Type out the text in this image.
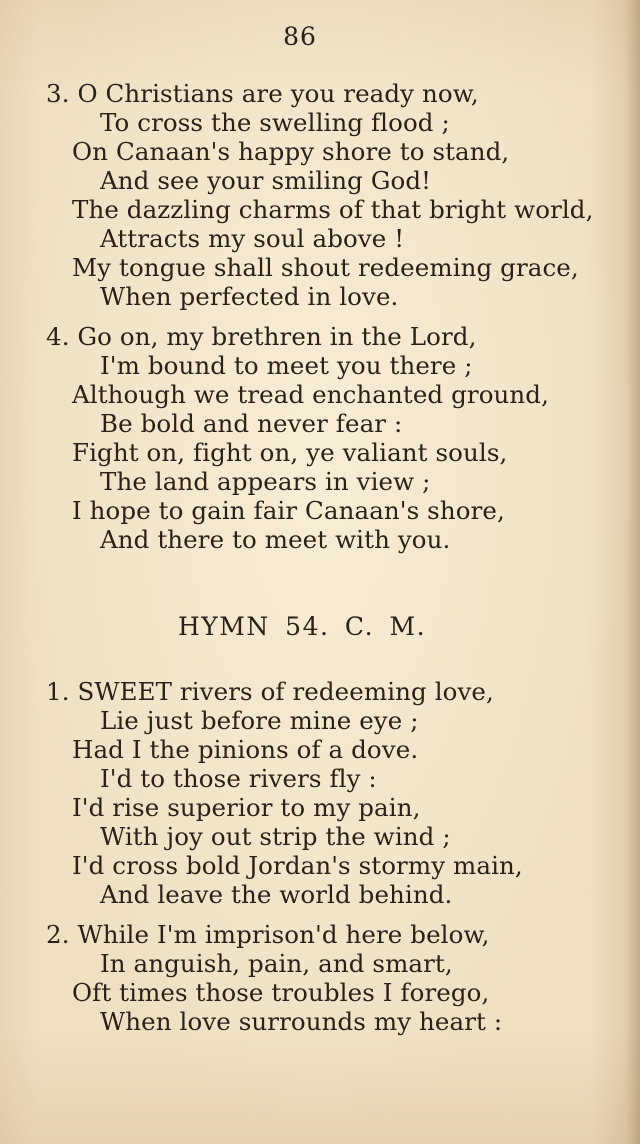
86
3. O Christians are you ready now,
To cross the swelling flood ;
On Canaan's happy shore to stand,
And see your smiling God!
The dazzling charms of that bright world,
Attracts my soul above !
My tongue shall shout redeeming grace,
When perfected in love.
4. Go on, my brethren in the Lord,
I'm bound to meet you there ;
Although we tread enchanted ground,
Be bold and never fear :
Fight on, fight on, ye valiant souls,
The land appears in view ;
I hope to gain fair Canaan's shore,
And there to meet with you.
HYMN 54. C. M.
1. SWEET rivers of redeeming love,
Lie just before mine eye ;
Had I the pinions of a dove.
I'd to those rivers fly :
I'd rise superior to my pain,
With joy out strip the wind ;
I'd cross bold Jordan's stormy main,
And leave the world behind.
2. While I'm imprison'd here below,
In anguish, pain, and smart,
Oft times those troubles I forego,
When love surrounds my heart :
